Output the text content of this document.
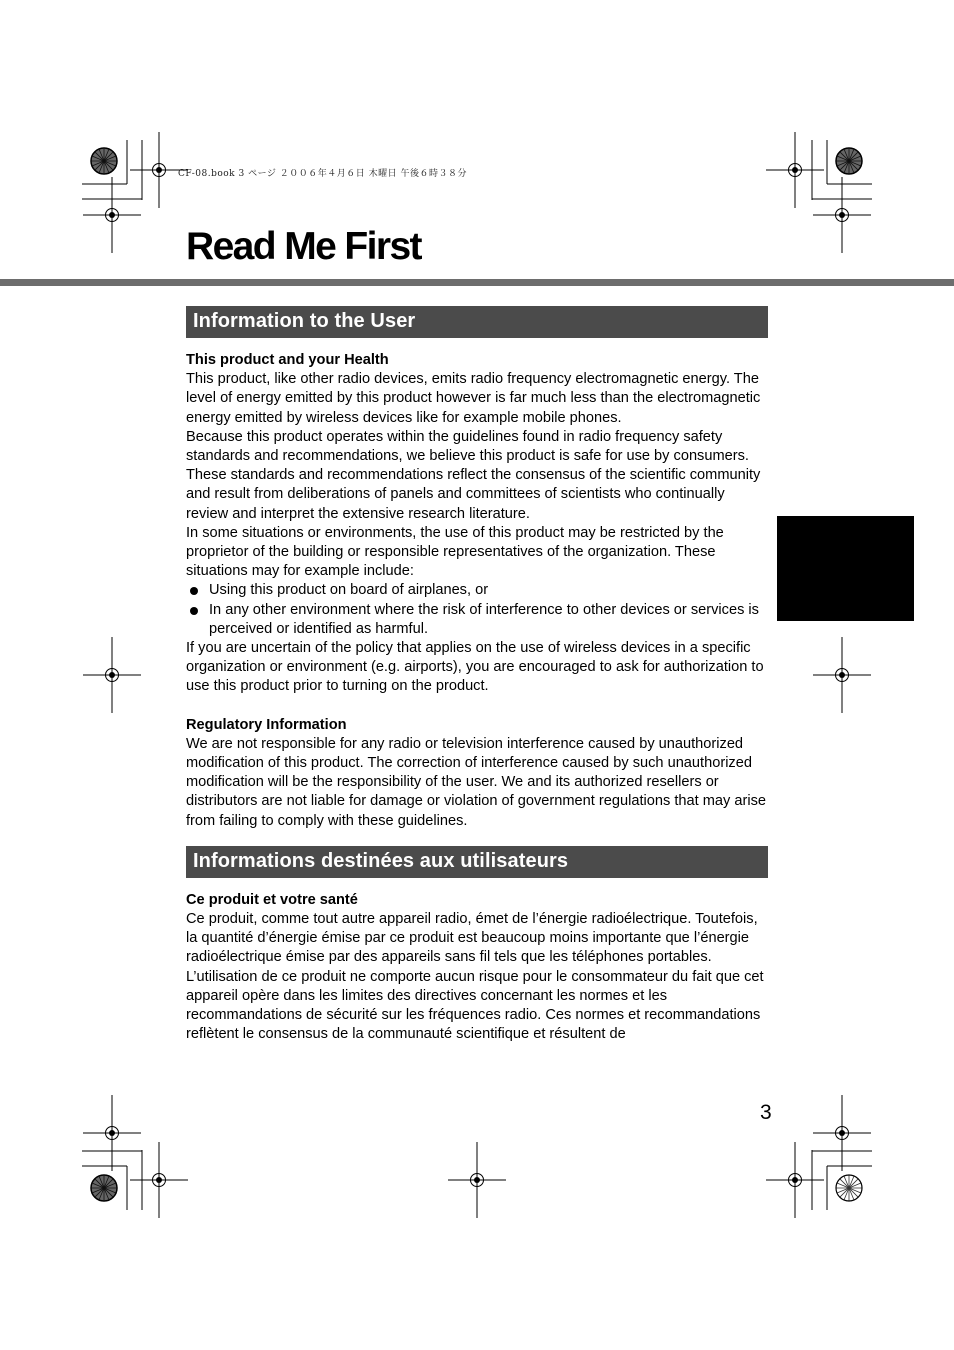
CF-08.book 3 ページ ２００６年４月６日 木曜日 午後６時３８分
Read Me First
Information to the User
This product and your Health

This product, like other radio devices, emits radio frequency electromagnetic energy. The level of energy emitted by this product however is far much less than the electromagnetic energy emitted by wireless devices like for example mobile phones.

Because this product operates within the guidelines found in radio frequency safety standards and recommendations, we believe this product is safe for use by consumers. These standards and recommendations reflect the consensus of the scientific community and result from deliberations of panels and committees of scientists who continually review and interpret the extensive research literature.

In some situations or environments, the use of this product may be restricted by the proprietor of the building or responsible representatives of the organization. These situations may for example include:

Using this product on board of airplanes, or
In any other environment where the risk of interference to other devices or services is perceived or identified as harmful.

If you are uncertain of the policy that applies on the use of wireless devices in a specific organization or environment (e.g. airports), you are encouraged to ask for authorization to use this product prior to turning on the product.

Regulatory Information

We are not responsible for any radio or television interference caused by unauthorized modification of this product. The correction of interference caused by such unauthorized modification will be the responsibility of the user. We and its authorized resellers or distributors are not liable for damage or violation of government regulations that may arise from failing to comply with these guidelines.

Informations destinées aux utilisateurs
Ce produit et votre santé

Ce produit, comme tout autre appareil radio, émet de l’énergie radioélectrique. Toutefois, la quantité d’énergie émise par ce produit est beaucoup moins importante que l’énergie radioélectrique émise par des appareils sans fil tels que les téléphones portables.

L’utilisation de ce produit ne comporte aucun risque pour le consommateur du fait que cet appareil opère dans les limites des directives concernant les normes et les recommandations de sécurité sur les fréquences radio. Ces normes et recommandations reflètent le consensus de la communauté scientifique et résultent de

3
